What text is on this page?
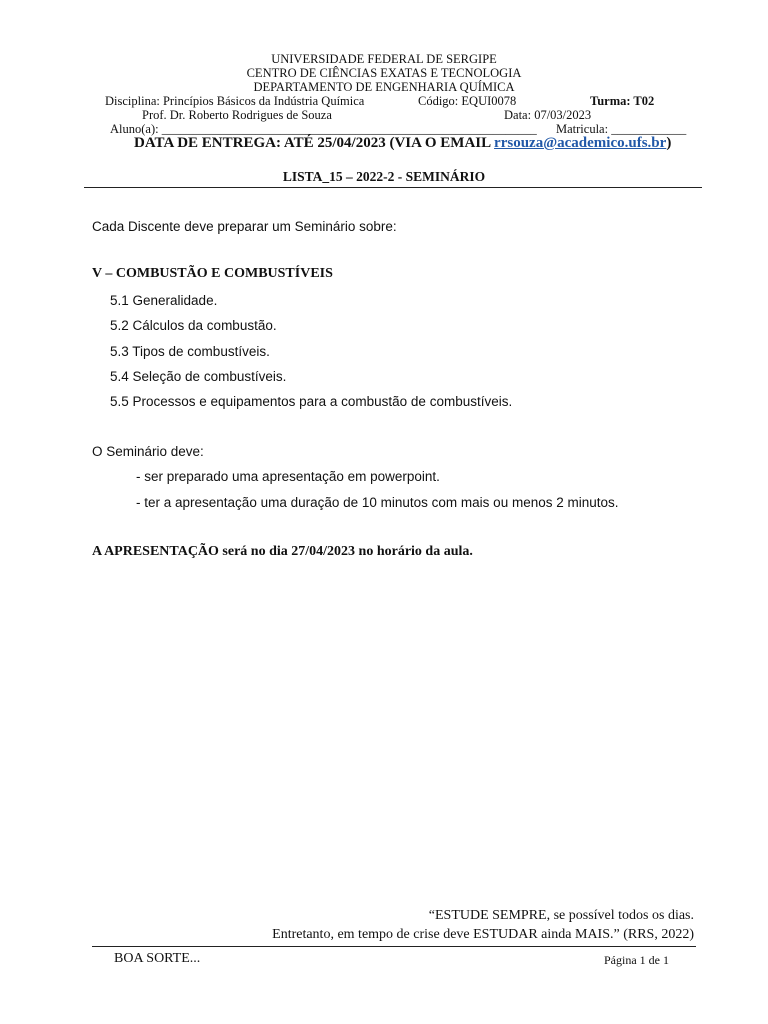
UNIVERSIDADE FEDERAL DE SERGIPE
CENTRO DE CIÊNCIAS EXATAS E TECNOLOGIA
DEPARTAMENTO DE ENGENHARIA QUÍMICA
Disciplina: Princípios Básicos da Indústria Química	Código: EQUI0078	Turma: T02
Prof. Dr. Roberto Rodrigues de Souza	Data: 07/03/2023
Aluno(a): ____________________________________________________________ Matricula: ____________
DATA DE ENTREGA: ATÉ 25/04/2023 (VIA O EMAIL rrsouza@academico.ufs.br)
LISTA_15 – 2022-2 - SEMINÁRIO
Cada Discente deve preparar um Seminário sobre:
V – COMBUSTÃO E COMBUSTÍVEIS
5.1 Generalidade.
5.2 Cálculos da combustão.
5.3 Tipos de combustíveis.
5.4 Seleção de combustíveis.
5.5 Processos e equipamentos para a combustão de combustíveis.
O Seminário deve:
- ser preparado uma apresentação em powerpoint.
- ter a apresentação uma duração de 10 minutos com mais ou menos 2 minutos.
A APRESENTAÇÃO será no dia 27/04/2023 no horário da aula.
“ESTUDE SEMPRE, se possível todos os dias.
Entretanto, em tempo de crise deve ESTUDAR ainda MAIS.” (RRS, 2022)
BOA SORTE...	Página 1 de 1
